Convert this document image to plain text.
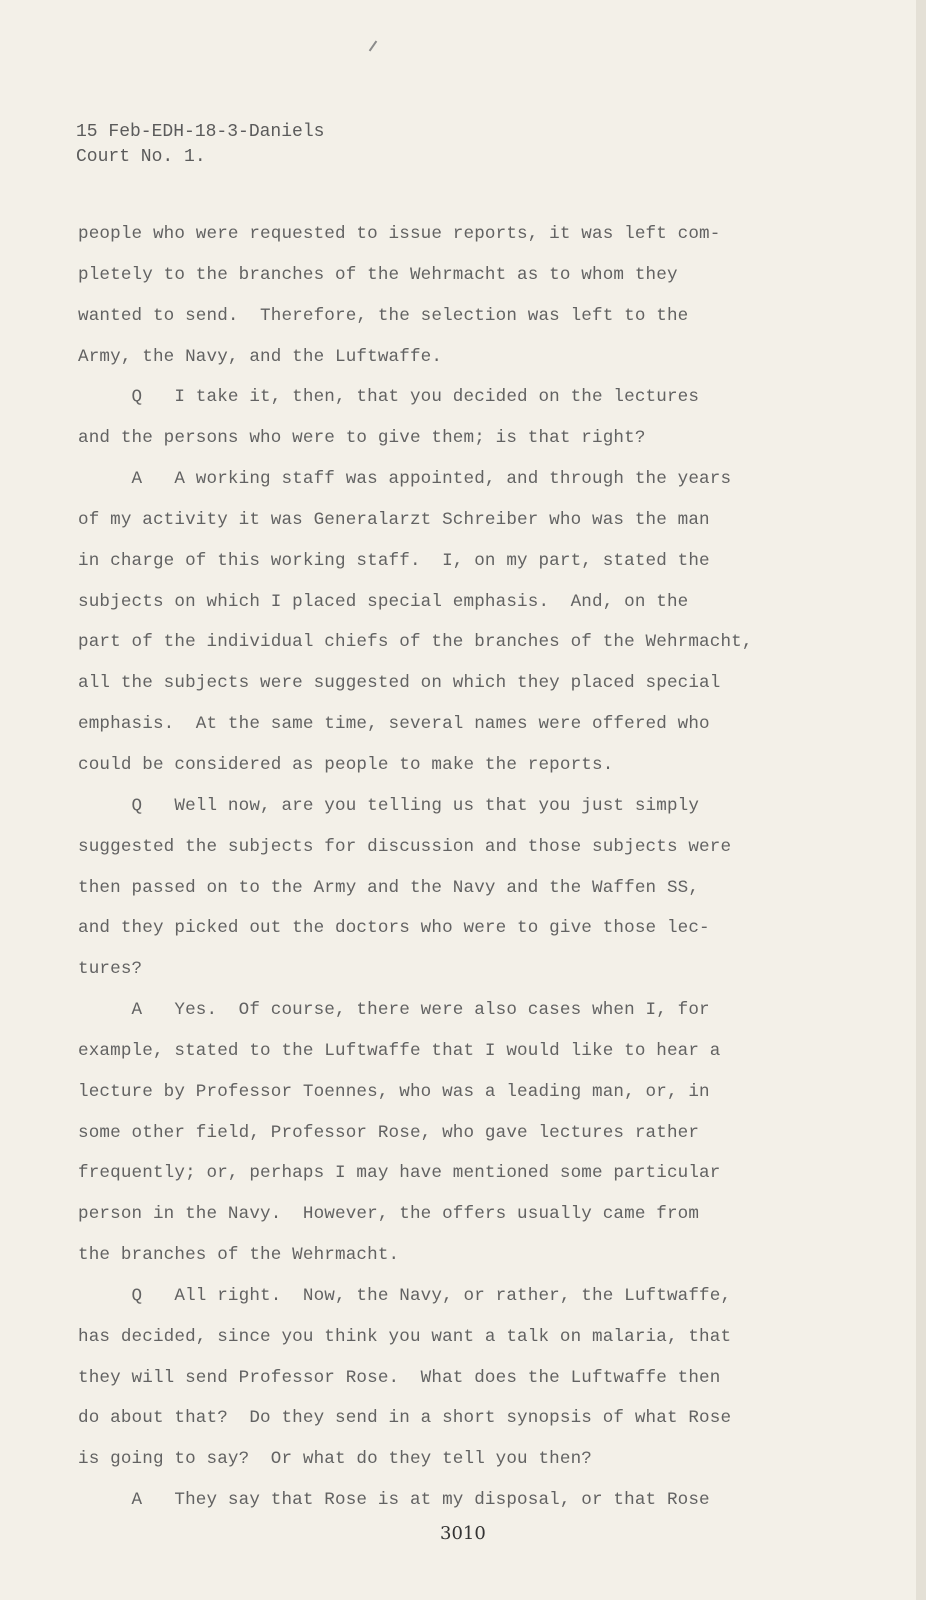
15 Feb-EDH-18-3-Daniels
Court No. 1.
people who were requested to issue reports, it was left com-
pletely to the branches of the Wehrmacht as to whom they
wanted to send.  Therefore, the selection was left to the
Army, the Navy, and the Luftwaffe.
Q   I take it, then, that you decided on the lectures
and the persons who were to give them; is that right?
A   A working staff was appointed, and through the years
of my activity it was Generalarzt Schreiber who was the man
in charge of this working staff.  I, on my part, stated the
subjects on which I placed special emphasis.  And, on the
part of the individual chiefs of the branches of the Wehrmacht,
all the subjects were suggested on which they placed special
emphasis.  At the same time, several names were offered who
could be considered as people to make the reports.
Q   Well now, are you telling us that you just simply
suggested the subjects for discussion and those subjects were
then passed on to the Army and the Navy and the Waffen SS,
and they picked out the doctors who were to give those lec-
tures?
A   Yes.  Of course, there were also cases when I, for
example, stated to the Luftwaffe that I would like to hear a
lecture by Professor Toennes, who was a leading man, or, in
some other field, Professor Rose, who gave lectures rather
frequently; or, perhaps I may have mentioned some particular
person in the Navy.  However, the offers usually came from
the branches of the Wehrmacht.
Q   All right.  Now, the Navy, or rather, the Luftwaffe,
has decided, since you think you want a talk on malaria, that
they will send Professor Rose.  What does the Luftwaffe then
do about that?  Do they send in a short synopsis of what Rose
is going to say?  Or what do they tell you then?
A   They say that Rose is at my disposal, or that Rose
3010
